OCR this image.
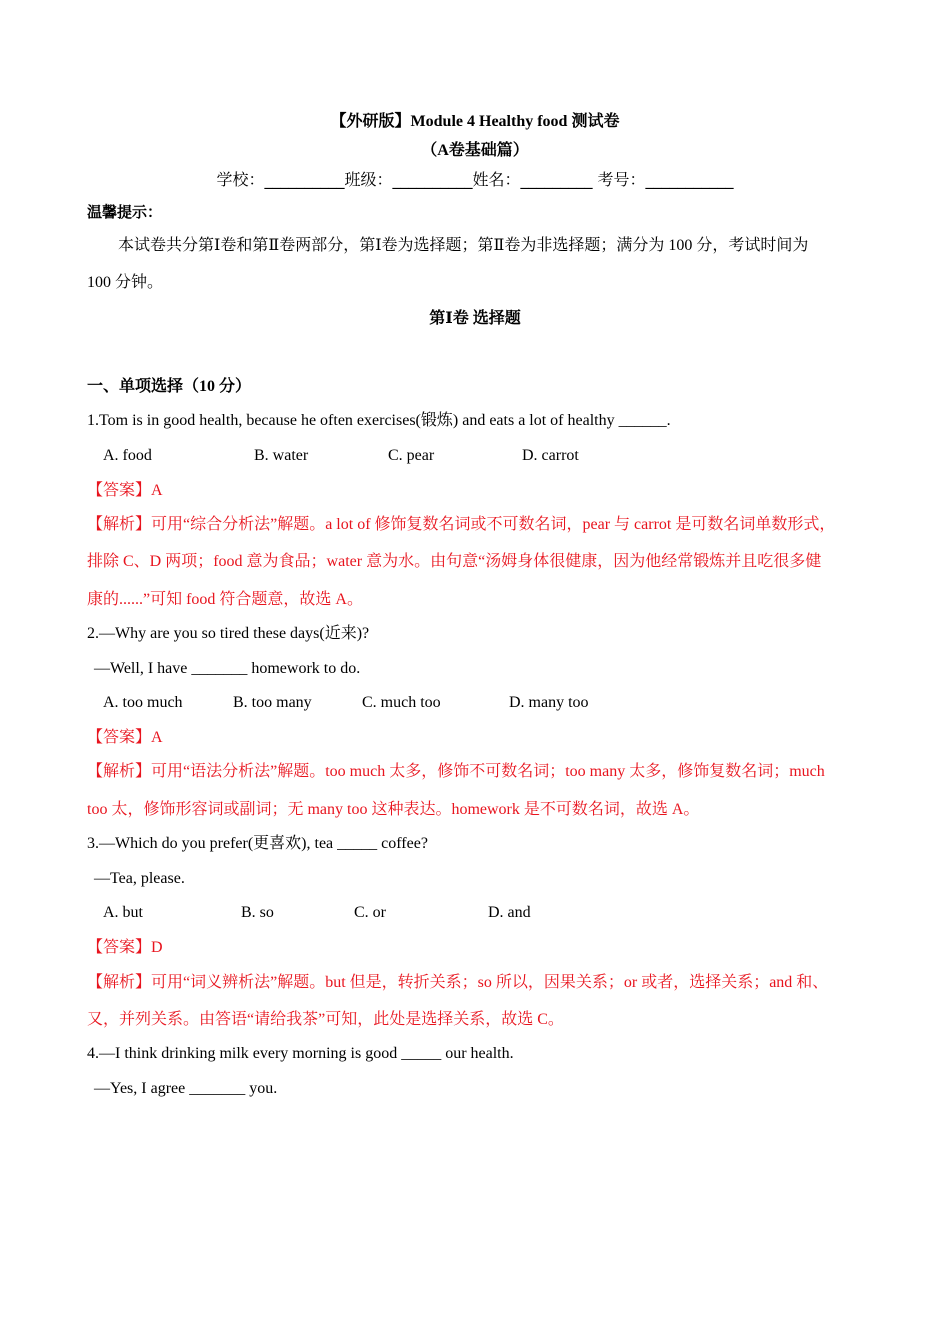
【外研版】Module 4 Healthy food 测试卷
（A卷基础篇）
学校：__________班级：__________姓名：_________ 考号：___________
温馨提示：
本试卷共分第Ⅰ卷和第Ⅱ卷两部分，第Ⅰ卷为选择题；第Ⅱ卷为非选择题；满分为 100 分，考试时间为
100 分钟。
第Ⅰ卷 选择题
一、单项选择（10 分）
1.Tom is in good health, because he often exercises(锻炼) and eats a lot of healthy ______.
A. food	B. water	C. pear	D. carrot
【答案】A
【解析】可用“综合分析法”解题。a lot of 修饰复数名词或不可数名词，pear 与 carrot 是可数名词单数形式，
排除 C、D 两项；food 意为食品；water 意为水。由句意“汤姆身体很健康，因为他经常锻炼并且吃很多健
康的......”可知 food 符合题意，故选 A。
2.—Why are you so tired these days(近来)?
—Well, I have _______ homework to do.
A. too much	B. too many	C. much too	D. many too
【答案】A
【解析】可用“语法分析法”解题。too much 太多，修饰不可数名词；too many 太多，修饰复数名词；much
too 太，修饰形容词或副词；无 many too 这种表达。homework 是不可数名词，故选 A。
3.—Which do you prefer(更喜欢), tea _____ coffee?
—Tea, please.
A. but	B. so	C. or	D. and
【答案】D
【解析】可用“词义辨析法”解题。but 但是，转折关系；so 所以，因果关系；or 或者，选择关系；and 和、
又，并列关系。由答语“请给我茶”可知，此处是选择关系，故选 C。
4.—I think drinking milk every morning is good _____ our health.
—Yes, I agree _______ you.
